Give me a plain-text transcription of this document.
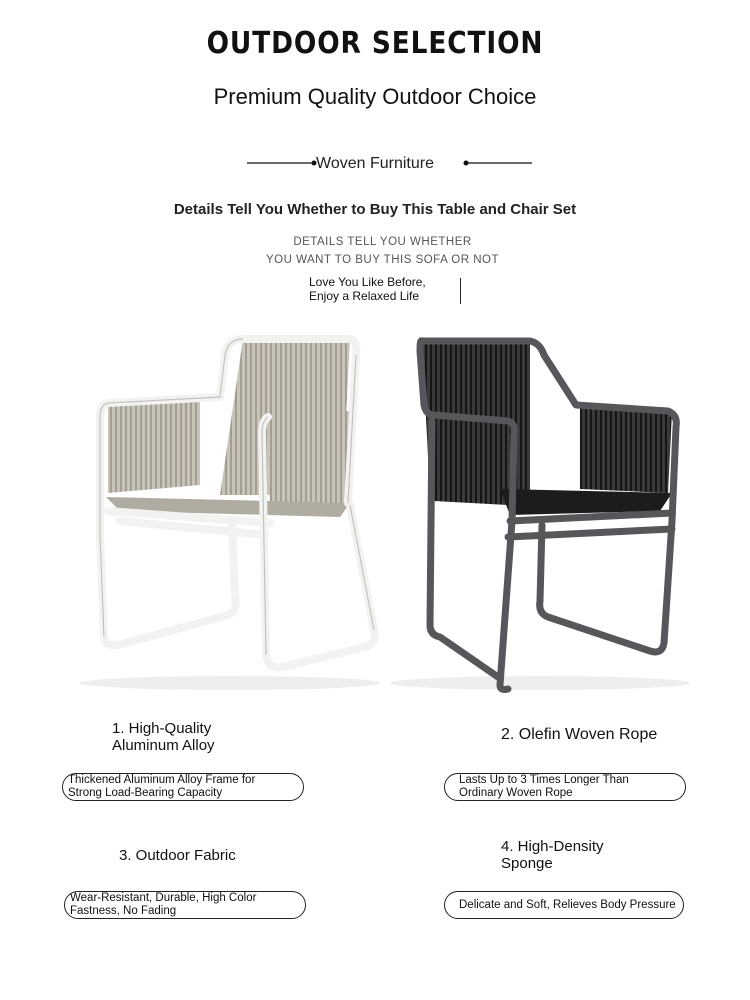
OUTDOOR SELECTION
Premium Quality Outdoor Choice
Woven Furniture
Details Tell You Whether to Buy This Table and Chair Set
DETAILS TELL YOU WHETHER
YOU WANT TO BUY THIS SOFA OR NOT
Love You Like Before,
Enjoy a Relaxed Life
1. High-Quality
Aluminum Alloy
Thickened Aluminum Alloy Frame for
Strong Load-Bearing Capacity
2. Olefin Woven Rope
Lasts Up to 3 Times Longer Than
Ordinary Woven Rope
3. Outdoor Fabric
Wear-Resistant, Durable, High Color
Fastness, No Fading
4. High-Density
Sponge
Delicate and Soft, Relieves Body Pressure
